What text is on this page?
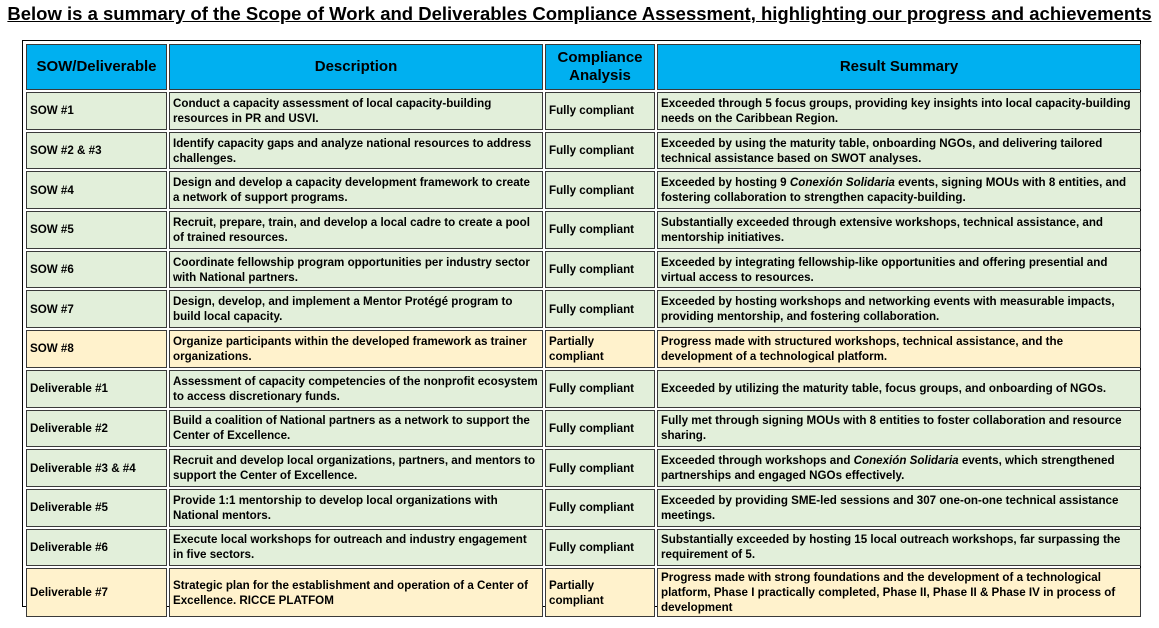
Below is a summary of the Scope of Work and Deliverables Compliance Assessment, highlighting our progress and achievements
SOW/Deliverable	Description	Compliance Analysis	Result Summary
SOW #1	Conduct a capacity assessment of local capacity-building resources in PR and USVI.	Fully compliant	Exceeded through 5 focus groups, providing key insights into local capacity-building needs on the Caribbean Region.
SOW #2 & #3	Identify capacity gaps and analyze national resources to address challenges.	Fully compliant	Exceeded by using the maturity table, onboarding NGOs, and delivering tailored technical assistance based on SWOT analyses.
SOW #4	Design and develop a capacity development framework to create a network of support programs.	Fully compliant	Exceeded by hosting 9 Conexión Solidaria events, signing MOUs with 8 entities, and fostering collaboration to strengthen capacity-building.
SOW #5	Recruit, prepare, train, and develop a local cadre to create a pool of trained resources.	Fully compliant	Substantially exceeded through extensive workshops, technical assistance, and mentorship initiatives.
SOW #6	Coordinate fellowship program opportunities per industry sector with National partners.	Fully compliant	Exceeded by integrating fellowship-like opportunities and offering presential and virtual access to resources.
SOW #7	Design, develop, and implement a Mentor Protégé program to build local capacity.	Fully compliant	Exceeded by hosting workshops and networking events with measurable impacts, providing mentorship, and fostering collaboration.
SOW #8	Organize participants within the developed framework as trainer organizations.	Partially compliant	Progress made with structured workshops, technical assistance, and the development of a technological platform.
Deliverable #1	Assessment of capacity competencies of the nonprofit ecosystem to access discretionary funds.	Fully compliant	Exceeded by utilizing the maturity table, focus groups, and onboarding of NGOs.
Deliverable #2	Build a coalition of National partners as a network to support the Center of Excellence.	Fully compliant	Fully met through signing MOUs with 8 entities to foster collaboration and resource sharing.
Deliverable #3 & #4	Recruit and develop local organizations, partners, and mentors to support the Center of Excellence.	Fully compliant	Exceeded through workshops and Conexión Solidaria events, which strengthened partnerships and engaged NGOs effectively.
Deliverable #5	Provide 1:1 mentorship to develop local organizations with National mentors.	Fully compliant	Exceeded by providing SME-led sessions and 307 one-on-one technical assistance meetings.
Deliverable #6	Execute local workshops for outreach and industry engagement in five sectors.	Fully compliant	Substantially exceeded by hosting 15 local outreach workshops, far surpassing the requirement of 5.
Deliverable #7	Strategic plan for the establishment and operation of a Center of Excellence. RICCE PLATFOM	Partially compliant	Progress made with strong foundations and the development of a technological platform, Phase I practically completed, Phase II, Phase II & Phase IV in process of development
